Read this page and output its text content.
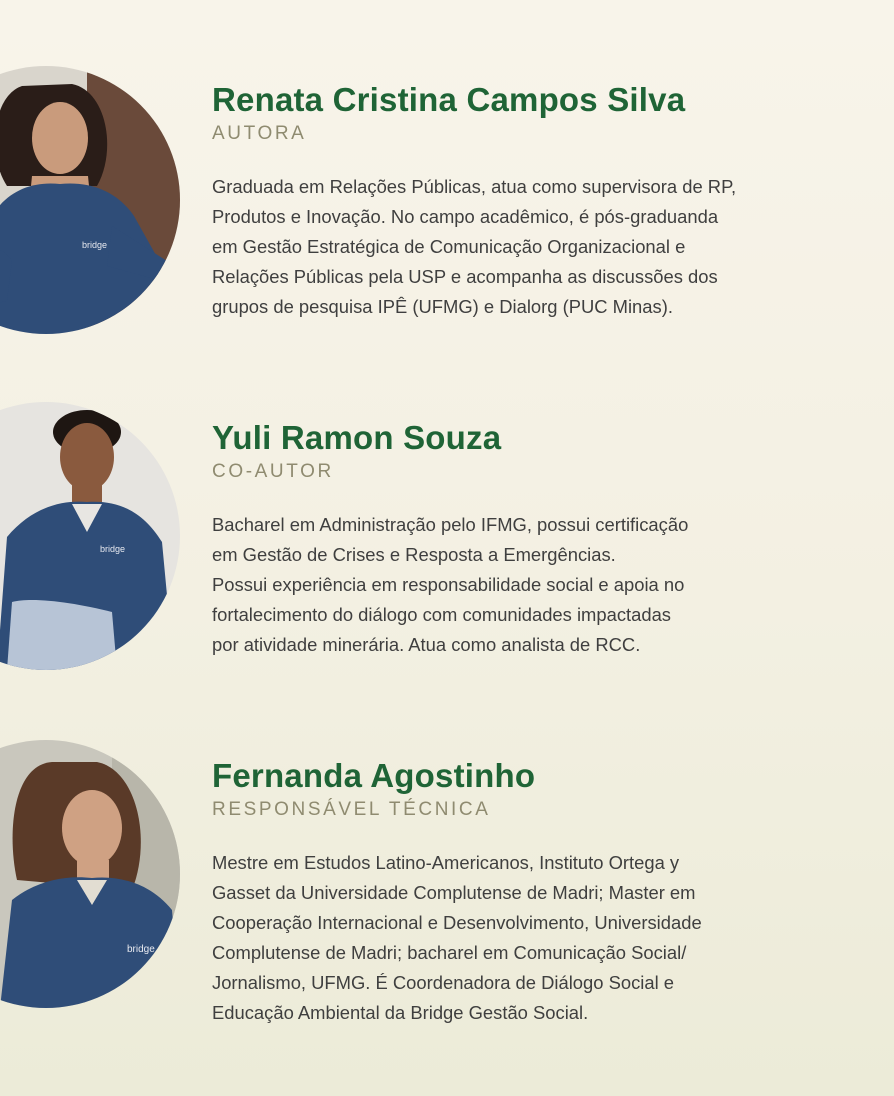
bridge
Renata Cristina Campos Silva
AUTORA
Graduada em Relações Públicas, atua como supervisora de RP,
Produtos e Inovação. No campo acadêmico, é pós-graduanda
em Gestão Estratégica de Comunicação Organizacional e
Relações Públicas pela USP e acompanha as discussões dos
grupos de pesquisa IPÊ (UFMG) e Dialorg (PUC Minas).
bridge
Yuli Ramon Souza
CO-AUTOR
Bacharel em Administração pelo IFMG, possui certificação
em Gestão de Crises e Resposta a Emergências.
Possui experiência em responsabilidade social e apoia no
fortalecimento do diálogo com comunidades impactadas
por atividade minerária. Atua como analista de RCC.
bridge
Fernanda Agostinho
RESPONSÁVEL TÉCNICA
Mestre em Estudos Latino-Americanos, Instituto Ortega y
Gasset da Universidade Complutense de Madri; Master em
Cooperação Internacional e Desenvolvimento, Universidade
Complutense de Madri; bacharel em Comunicação Social/
Jornalismo, UFMG. É Coordenadora de Diálogo Social e
Educação Ambiental da Bridge Gestão Social.
